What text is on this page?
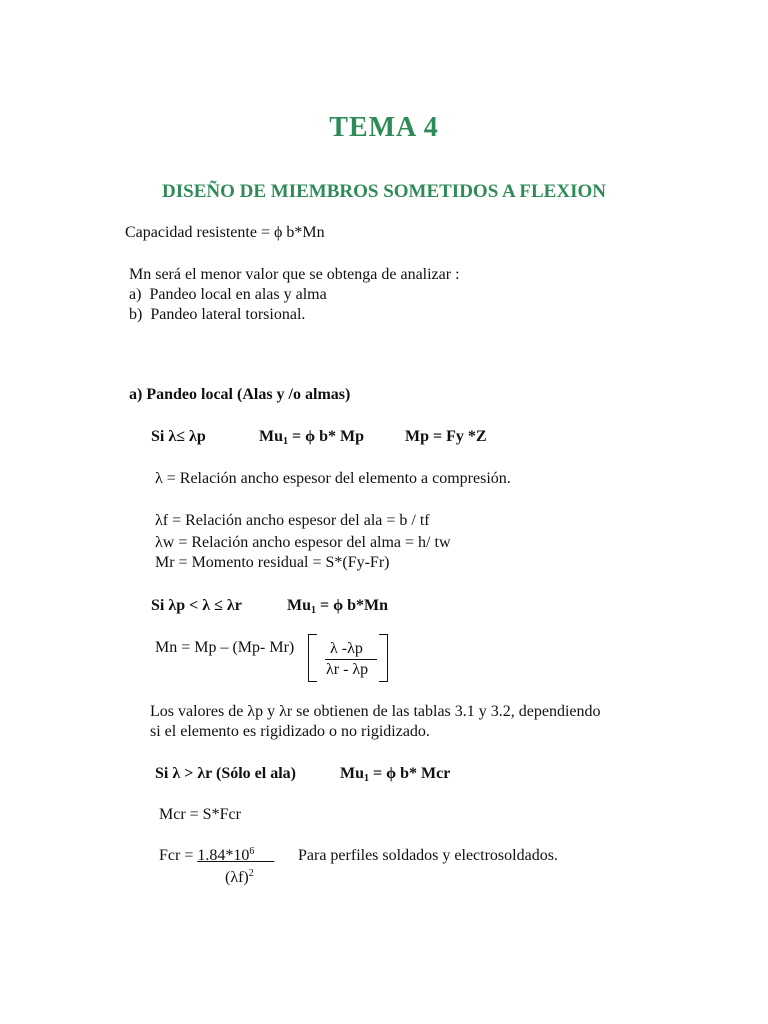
TEMA 4
DISEÑO DE MIEMBROS SOMETIDOS A FLEXION
Capacidad resistente = ϕ b*Mn
Mn será el menor valor que se obtenga de analizar :
a) Pandeo local en alas y alma
b) Pandeo lateral torsional.
a) Pandeo local (Alas y /o almas)
Si λ≤ λp	$Mu_1 = \phi$ b* Mp	Mp = Fy *Z
λ = Relación ancho espesor del elemento a compresión.
λf = Relación ancho espesor del ala = b / tf
λw = Relación ancho espesor del alma = h/ tw
Mr = Momento residual = S*(Fy-Fr)
Si λp < λ ≤ λr	$Mu_1 = \phi$ b*Mn
Mn = Mp – (Mp- Mr) λ -λp
λr - λp
Los valores de λp y λr se obtienen de las tablas 3.1 y 3.2, dependiendo
si el elemento es rigidizado o no rigidizado.
Si λ > λr (Sólo el ala)	$Mu_1 = \phi$ b* Mcr
Mcr = S*Fcr
Fcr = $1.84*10^6$	Para perfiles soldados y electrosoldados.
$(\lambda f)^2$
